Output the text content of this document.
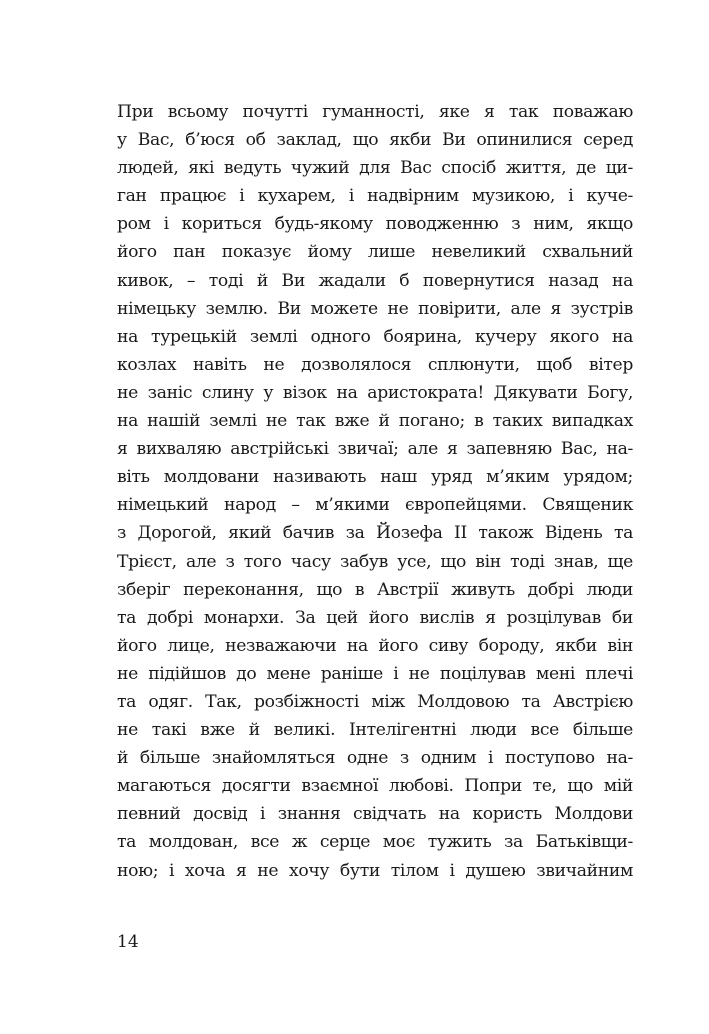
При всьому почутті гуманності, яке я так поважаю
у Вас, б’юся об заклад, що якби Ви опинилися серед
людей, які ведуть чужий для Вас спосіб життя, де ци-
ган працює і кухарем, і надвірним музикою, і куче-
ром і кориться будь-якому поводженню з ним, якщо
його пан показує йому лише невеликий схвальний
кивок, – тоді й Ви жадали б повернутися назад на
німецьку землю. Ви можете не повірити, але я зустрів
на турецькій землі одного боярина, кучеру якого на
козлах навіть не дозволялося сплюнути, щоб вітер
не заніс слину у візок на аристократа! Дякувати Богу,
на нашій землі не так вже й погано; в таких випадках
я вихваляю австрійські звичаї; але я запевняю Вас, на-
віть молдовани називають наш уряд м’яким урядом;
німецький народ – м’якими європейцями. Священик
з Дорогой, який бачив за Йозефа II також Відень та
Трієст, але з того часу забув усе, що він тоді знав, ще
зберіг переконання, що в Австрії живуть добрі люди
та добрі монархи. За цей його вислів я розцілував би
його лице, незважаючи на його сиву бороду, якби він
не підійшов до мене раніше і не поцілував мені плечі
та одяг. Так, розбіжності між Молдовою та Австрією
не такі вже й великі. Інтелігентні люди все більше
й більше знайомляться одне з одним і поступово на-
магаються досягти взаємної любові. Попри те, що мій
певний досвід і знання свідчать на користь Молдови
та молдован, все ж серце моє тужить за Батьківщи-
ною; і хоча я не хочу бути тілом і душею звичайним
14
